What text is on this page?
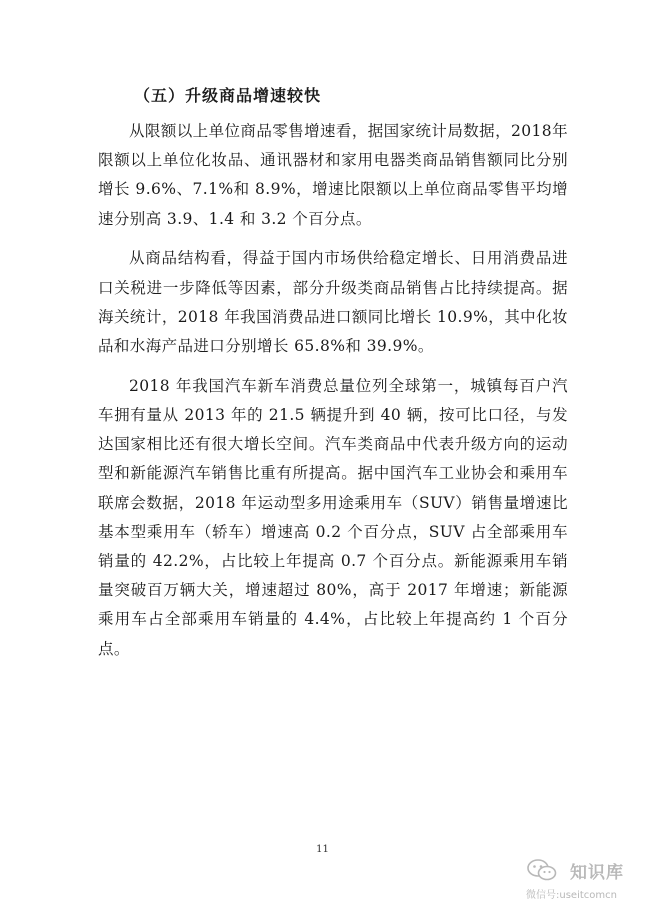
（五）升级商品增速较快

从限额以上单位商品零售增速看，据国家统计局数据，2018年限额以上单位化妆品、通讯器材和家用电器类商品销售额同比分别增长 9.6%、7.1%和 8.9%，增速比限额以上单位商品零售平均增速分别高 3.9、1.4 和 3.2 个百分点。

从商品结构看，得益于国内市场供给稳定增长、日用消费品进口关税进一步降低等因素，部分升级类商品销售占比持续提高。据海关统计，2018 年我国消费品进口额同比增长 10.9%，其中化妆品和水海产品进口分别增长 65.8%和 39.9%。

2018 年我国汽车新车消费总量位列全球第一，城镇每百户汽车拥有量从 2013 年的 21.5 辆提升到 40 辆，按可比口径，与发达国家相比还有很大增长空间。汽车类商品中代表升级方向的运动型和新能源汽车销售比重有所提高。据中国汽车工业协会和乘用车联席会数据，2018 年运动型多用途乘用车（SUV）销售量增速比基本型乘用车（轿车）增速高 0.2 个百分点，SUV 占全部乘用车销量的 42.2%，占比较上年提高 0.7 个百分点。新能源乘用车销量突破百万辆大关，增速超过 80%，高于 2017 年增速；新能源乘用车占全部乘用车销量的 4.4%，占比较上年提高约 1 个百分点。

11
知识库
微信号:useitcomcn
